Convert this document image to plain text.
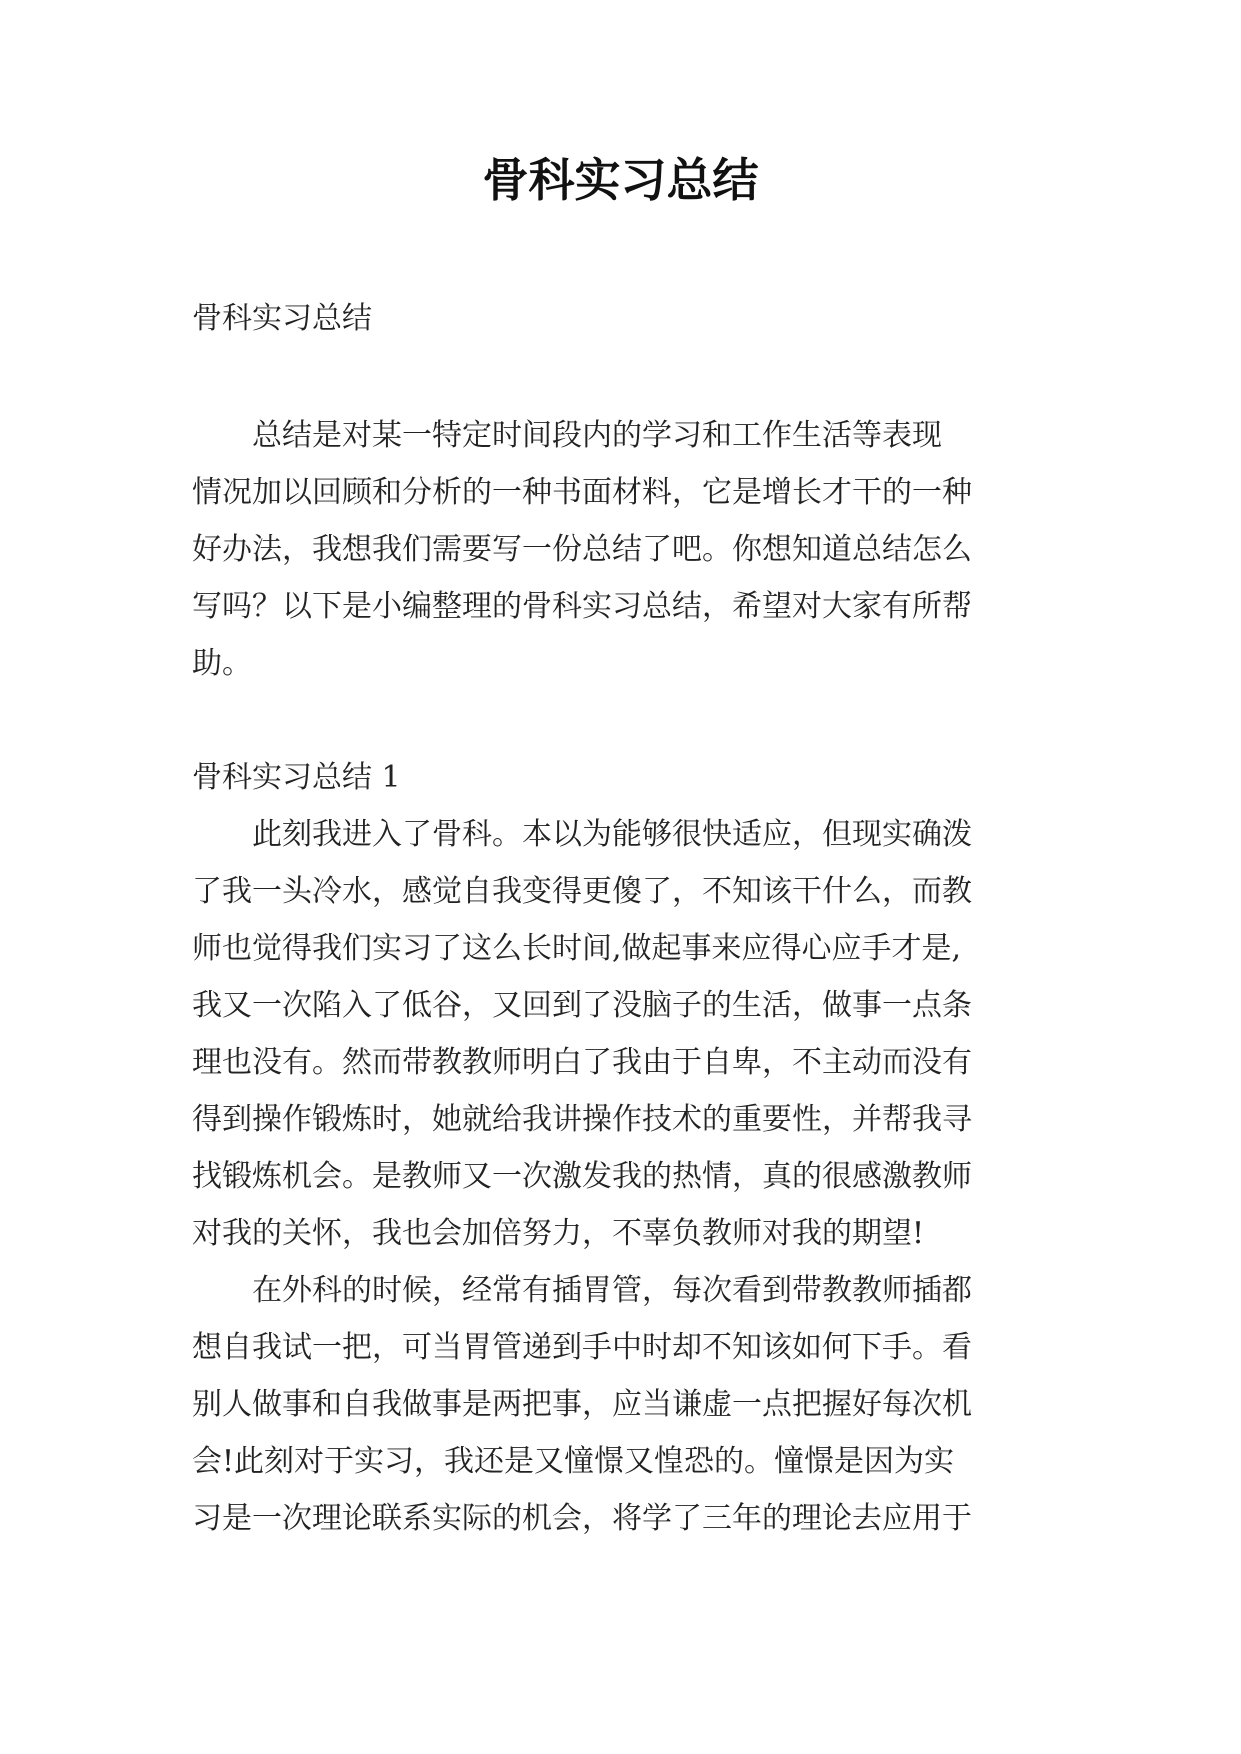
骨科实习总结

骨科实习总结

总结是对某一特定时间段内的学习和工作生活等表现
情况加以回顾和分析的一种书面材料，它是增长才干的一种
好办法，我想我们需要写一份总结了吧。你想知道总结怎么
写吗？以下是小编整理的骨科实习总结，希望对大家有所帮
助。

骨科实习总结 1

此刻我进入了骨科。本以为能够很快适应，但现实确泼
了我一头冷水，感觉自我变得更傻了，不知该干什么，而教
师也觉得我们实习了这么长时间,做起事来应得心应手才是,
我又一次陷入了低谷，又回到了没脑子的生活，做事一点条
理也没有。然而带教教师明白了我由于自卑，不主动而没有
得到操作锻炼时，她就给我讲操作技术的重要性，并帮我寻
找锻炼机会。是教师又一次激发我的热情，真的很感激教师
对我的关怀，我也会加倍努力，不辜负教师对我的期望!
在外科的时候，经常有插胃管，每次看到带教教师插都
想自我试一把，可当胃管递到手中时却不知该如何下手。看
别人做事和自我做事是两把事，应当谦虚一点把握好每次机
会!此刻对于实习，我还是又憧憬又惶恐的。憧憬是因为实
习是一次理论联系实际的机会，将学了三年的理论去应用于
